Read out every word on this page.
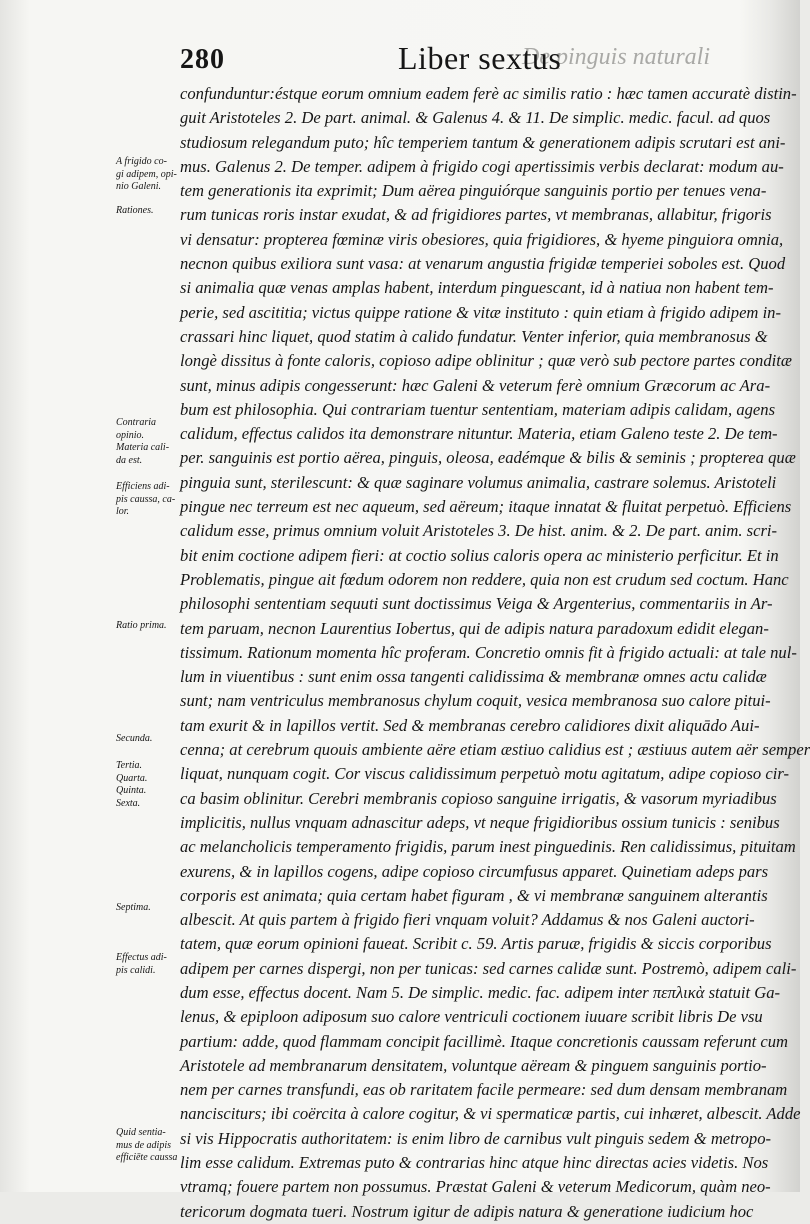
De pinguis naturali
280	Liber sextus
confunduntur:éstque eorum omnium eadem ferè ac similis ratio : hæc tamen accuratè distin-
guit Aristoteles 2. De part. animal. & Galenus 4. & 11. De simplic. medic. facul. ad quos
studiosum relegandum puto; hîc temperiem tantum & generationem adipis scrutari est ani-
mus. Galenus 2. De temper. adipem à frigido cogi apertissimis verbis declarat: modum au-
tem generationis ita exprimit; Dum aërea pinguiórque sanguinis portio per tenues vena-
rum tunicas roris instar exudat, & ad frigidiores partes, vt membranas, allabitur, frigoris
vi densatur: propterea fœminæ viris obesiores, quia frigidiores, & hyeme pinguiora omnia,
necnon quibus exiliora sunt vasa: at venarum angustia frigidæ temperiei soboles est. Quod
si animalia quæ venas amplas habent, interdum pinguescant, id à natiua non habent tem-
perie, sed ascititia; victus quippe ratione & vitæ instituto : quin etiam à frigido adipem in-
crassari hinc liquet, quod statim à calido fundatur. Venter inferior, quia membranosus &
longè dissitus à fonte caloris, copioso adipe oblinitur ; quæ verò sub pectore partes conditæ
sunt, minus adipis congesserunt: hæc Galeni & veterum ferè omnium Græcorum ac Ara-
bum est philosophia. Qui contrariam tuentur sententiam, materiam adipis calidam, agens
calidum, effectus calidos ita demonstrare nituntur. Materia, etiam Galeno teste 2. De tem-
per. sanguinis est portio aërea, pinguis, oleosa, eadémque & bilis & seminis ; propterea quæ
pinguia sunt, sterilescunt: & quæ saginare volumus animalia, castrare solemus. Aristoteli
pingue nec terreum est nec aqueum, sed aëreum; itaque innatat & fluitat perpetuò. Efficiens
calidum esse, primus omnium voluit Aristoteles 3. De hist. anim. & 2. De part. anim. scri-
bit enim coctione adipem fieri: at coctio solius caloris opera ac ministerio perficitur. Et in
Problematis, pingue ait fœdum odorem non reddere, quia non est crudum sed coctum. Hanc
philosophi sententiam sequuti sunt doctissimus Veiga & Argenterius, commentariis in Ar-
tem paruam, necnon Laurentius Iobertus, qui de adipis natura paradoxum edidit elegan-
tissimum. Rationum momenta hîc proferam. Concretio omnis fit à frigido actuali: at tale nul-
lum in viuentibus : sunt enim ossa tangenti calidissima & membranæ omnes actu calidæ
sunt; nam ventriculus membranosus chylum coquit, vesica membranosa suo calore pitui-
tam exurit & in lapillos vertit. Sed & membranas cerebro calidiores dixit aliquādo Aui-
cenna; at cerebrum quouis ambiente aëre etiam æstiuo calidius est ; æstiuus autem aër semper
liquat, nunquam cogit. Cor viscus calidissimum perpetuò motu agitatum, adipe copioso cir-
ca basim oblinitur. Cerebri membranis copioso sanguine irrigatis, & vasorum myriadibus
implicitis, nullus vnquam adnascitur adeps, vt neque frigidioribus ossium tunicis : senibus
ac melancholicis temperamento frigidis, parum inest pinguedinis. Ren calidissimus, pituitam
exurens, & in lapillos cogens, adipe copioso circumfusus apparet. Quinetiam adeps pars
corporis est animata; quia certam habet figuram , & vi membranæ sanguinem alterantis
albescit. At quis partem à frigido fieri vnquam voluit? Addamus & nos Galeni auctori-
tatem, quæ eorum opinioni faueat. Scribit c. 59. Artis paruæ, frigidis & siccis corporibus
adipem per carnes dispergi, non per tunicas: sed carnes calidæ sunt. Postremò, adipem cali-
dum esse, effectus docent. Nam 5. De simplic. medic. fac. adipem inter πεπλικὰ statuit Ga-
lenus, & epiploon adiposum suo calore ventriculi coctionem iuuare scribit libris De vsu
partium: adde, quod flammam concipit facillimè. Itaque concretionis caussam referunt cum
Aristotele ad membranarum densitatem, voluntque aëream & pinguem sanguinis portio-
nem per carnes transfundi, eas ob raritatem facile permeare: sed dum densam membranam
nancisciturs; ibi coërcita à calore cogitur, & vi spermaticæ partis, cui inhæret, albescit. Adde
si vis Hippocratis authoritatem: is enim libro de carnibus vult pinguis sedem & metropo-
lim esse calidum. Extremas puto & contrarias hinc atque hinc directas acies videtis. Nos
vtramq; fouere partem non possumus. Præstat Galeni & veterum Medicorum, quàm neo-
tericorum dogmata tueri. Nostrum igitur de adipis natura & generatione iudicium hoc

A frigido co-

gi adipem, opi-

nio Galeni.

Rationes.

Contraria

opinio.

Materia cali-

da est.

Efficiens adi-

pis caussa, ca-

lor.

Ratio prima.

Secunda.

Tertia.

Quarta.

Quinta.

Sexta.

Septima.

Effectus adi-

pis calidi.

Quid sentia-

mus de adipis

efficiēte caussa
